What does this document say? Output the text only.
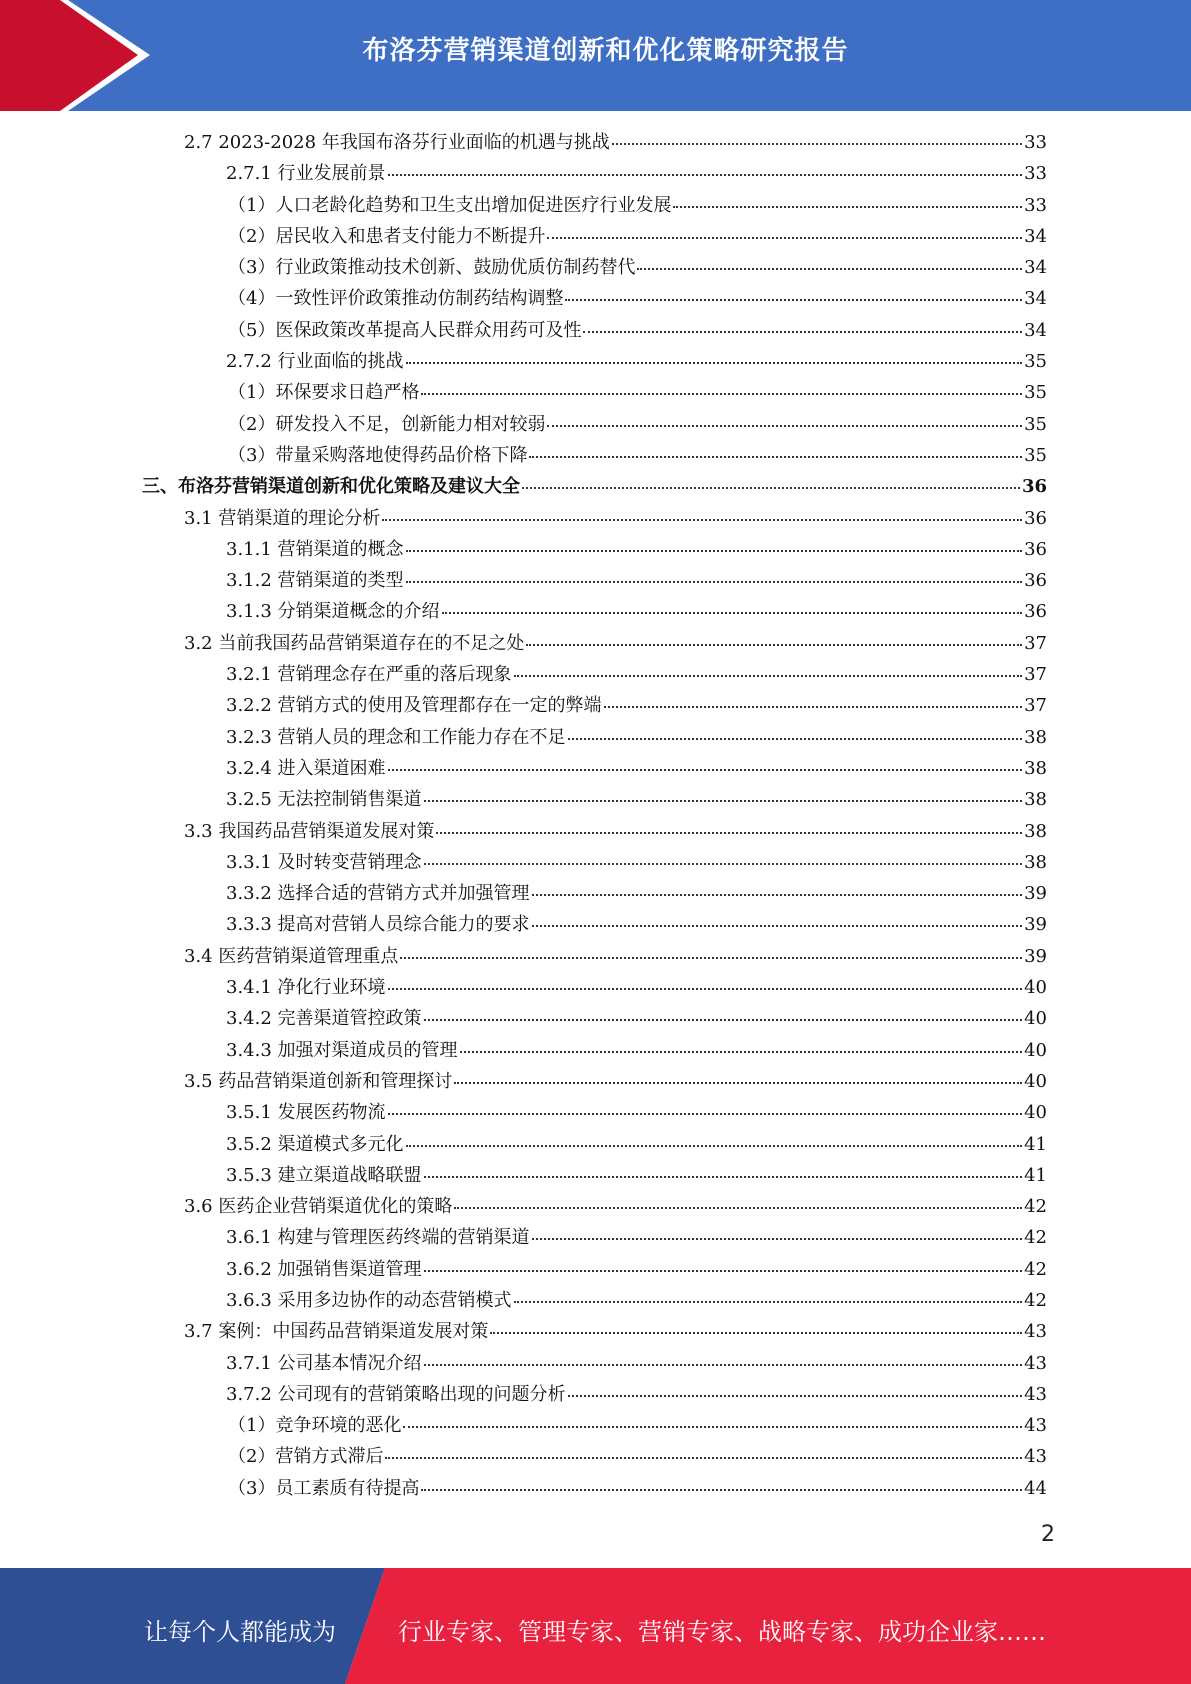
布洛芬营销渠道创新和优化策略研究报告
2.7 2023-2028 年我国布洛芬行业面临的机遇与挑战	33
2.7.1 行业发展前景	33
（1）人口老龄化趋势和卫生支出增加促进医疗行业发展	33
（2）居民收入和患者支付能力不断提升	34
（3）行业政策推动技术创新、鼓励优质仿制药替代	34
（4）一致性评价政策推动仿制药结构调整	34
（5）医保政策改革提高人民群众用药可及性	34
2.7.2 行业面临的挑战	35
（1）环保要求日趋严格	35
（2）研发投入不足，创新能力相对较弱	35
（3）带量采购落地使得药品价格下降	35
三、布洛芬营销渠道创新和优化策略及建议大全	36
3.1 营销渠道的理论分析	36
3.1.1 营销渠道的概念	36
3.1.2 营销渠道的类型	36
3.1.3 分销渠道概念的介绍	36
3.2 当前我国药品营销渠道存在的不足之处	37
3.2.1 营销理念存在严重的落后现象	37
3.2.2 营销方式的使用及管理都存在一定的弊端	37
3.2.3 营销人员的理念和工作能力存在不足	38
3.2.4 进入渠道困难	38
3.2.5 无法控制销售渠道	38
3.3 我国药品营销渠道发展对策	38
3.3.1 及时转变营销理念	38
3.3.2 选择合适的营销方式并加强管理	39
3.3.3 提高对营销人员综合能力的要求	39
3.4 医药营销渠道管理重点	39
3.4.1 净化行业环境	40
3.4.2 完善渠道管控政策	40
3.4.3 加强对渠道成员的管理	40
3.5 药品营销渠道创新和管理探讨	40
3.5.1 发展医药物流	40
3.5.2 渠道模式多元化	41
3.5.3 建立渠道战略联盟	41
3.6 医药企业营销渠道优化的策略	42
3.6.1 构建与管理医药终端的营销渠道	42
3.6.2 加强销售渠道管理	42
3.6.3 采用多边协作的动态营销模式	42
3.7 案例：中国药品营销渠道发展对策	43
3.7.1 公司基本情况介绍	43
3.7.2 公司现有的营销策略出现的问题分析	43
（1）竞争环境的恶化	43
（2）营销方式滞后	43
（3）员工素质有待提高	44
2
让每个人都能成为	行业专家、管理专家、营销专家、战略专家、成功企业家……
